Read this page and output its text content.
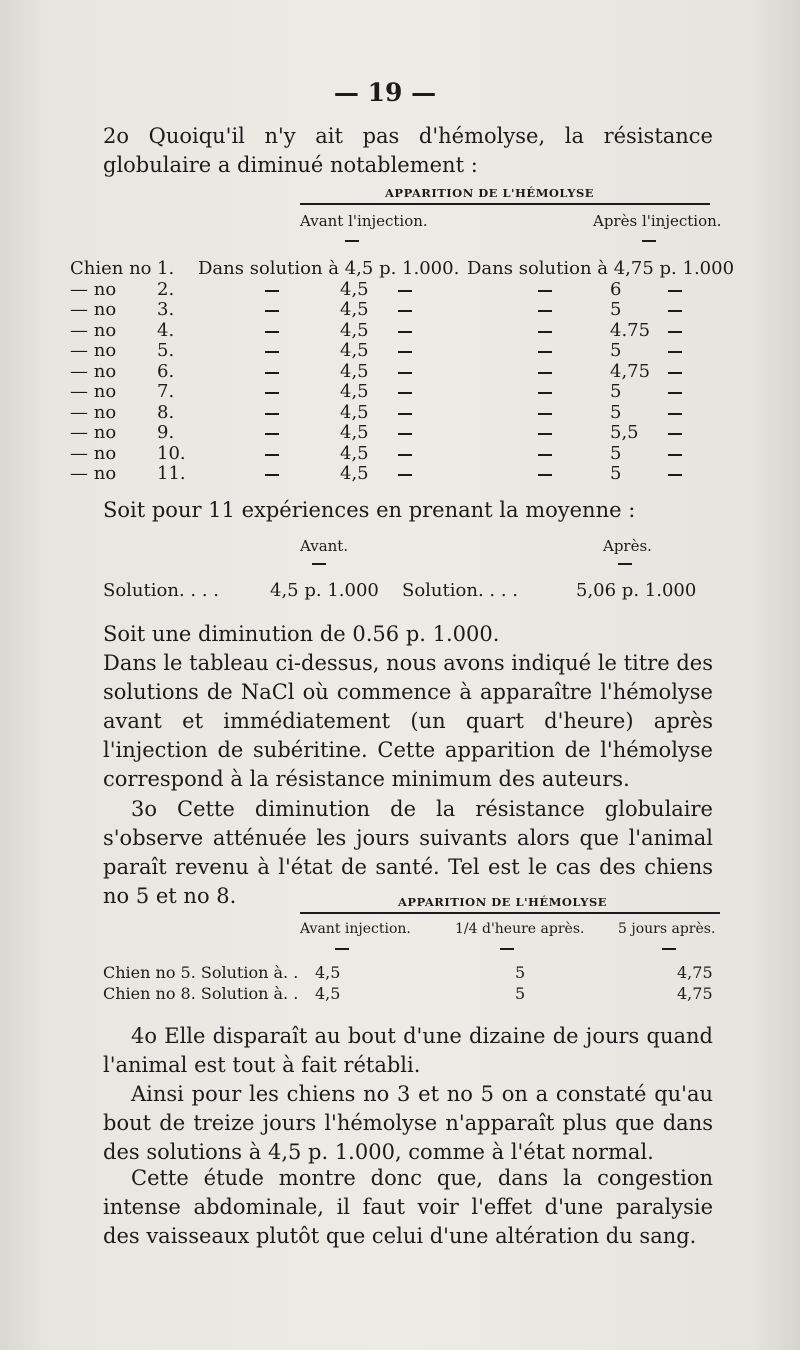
— 19 —
2o Quoiqu'il n'y ait pas d'hémolyse, la résistance globulaire a diminué notablement :
APPARITION DE L'HÉMOLYSE
Avant l'injection.	Après l'injection.
Chien no 1. Dans solution à 4,5 p. 1.000. Dans solution à 4,75 p. 1.000
— no 2.	4,5	6
— no 3.	4,5	5
— no 4.	4,5	4.75
— no 5.	4,5	5
— no 6.	4,5	4,75
— no 7.	4,5	5
— no 8.	4,5	5
— no 9.	4,5	5,5
— no 10.	4,5	5
— no 11.	4,5	5
Soit pour 11 expériences en prenant la moyenne :
Avant.	Après.
Solution. . . .	4,5 p. 1.000 Solution. . . .	5,06 p. 1.000
Soit une diminution de 0.56 p. 1.000.
Dans le tableau ci-dessus, nous avons indiqué le titre des solutions de NaCl où commence à apparaître l'hémolyse avant et immédiatement (un quart d'heure) après l'injection de subéritine. Cette apparition de l'hémolyse correspond à la résistance minimum des auteurs.
3o Cette diminution de la résistance globulaire s'observe atténuée les jours suivants alors que l'animal paraît revenu à l'état de santé. Tel est le cas des chiens no 5 et no 8.	APPARITION DE L'HÉMOLYSE
Avant injection.	1/4 d'heure après. 5 jours après.
Chien no 5. Solution à. . 4,5	5	4,75
Chien no 8. Solution à. . 4,5	5	4,75
4o Elle disparaît au bout d'une dizaine de jours quand l'animal est tout à fait rétabli.
Ainsi pour les chiens no 3 et no 5 on a constaté qu'au bout de treize jours l'hémolyse n'apparaît plus que dans des solutions à 4,5 p. 1.000, comme à l'état normal.
Cette étude montre donc que, dans la congestion intense abdominale, il faut voir l'effet d'une paralysie des vaisseaux plutôt que celui d'une altération du sang.
